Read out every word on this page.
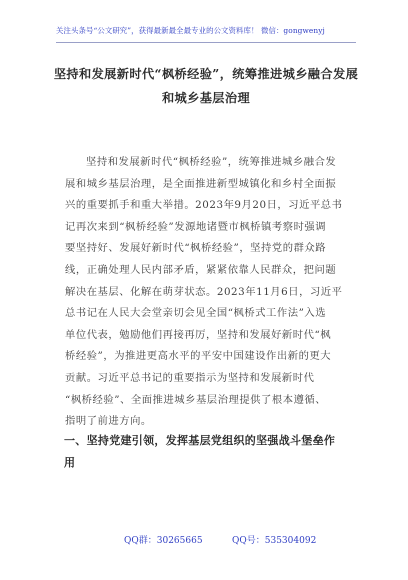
关注头条号“公文研究”，获得最新最全最专业的公文资料库！ 微信：gongwenyj
坚持和发展新时代“枫桥经验”，统筹推进城乡融合发展
和城乡基层治理
坚持和发展新时代“枫桥经验”，统筹推进城乡融合发
展和城乡基层治理，是全面推进新型城镇化和乡村全面振
兴的重要抓手和重大举措。2023年9月20日，习近平总书
记再次来到“枫桥经验”发源地诸暨市枫桥镇考察时强调
要坚持好、发展好新时代“枫桥经验”，坚持党的群众路
线，正确处理人民内部矛盾，紧紧依靠人民群众，把问题
解决在基层、化解在萌芽状态。2023年11月6日，习近平
总书记在人民大会堂亲切会见全国“枫桥式工作法”入选
单位代表，勉励他们再接再厉，坚持和发展好新时代“枫
桥经验”，为推进更高水平的平安中国建设作出新的更大
贡献。习近平总书记的重要指示为坚持和发展新时代
“枫桥经验”、全面推进城乡基层治理提供了根本遵循、
指明了前进方向。
一、坚持党建引领，发挥基层党组织的坚强战斗堡垒作
用
QQ群：30265665	QQ号：535304092
